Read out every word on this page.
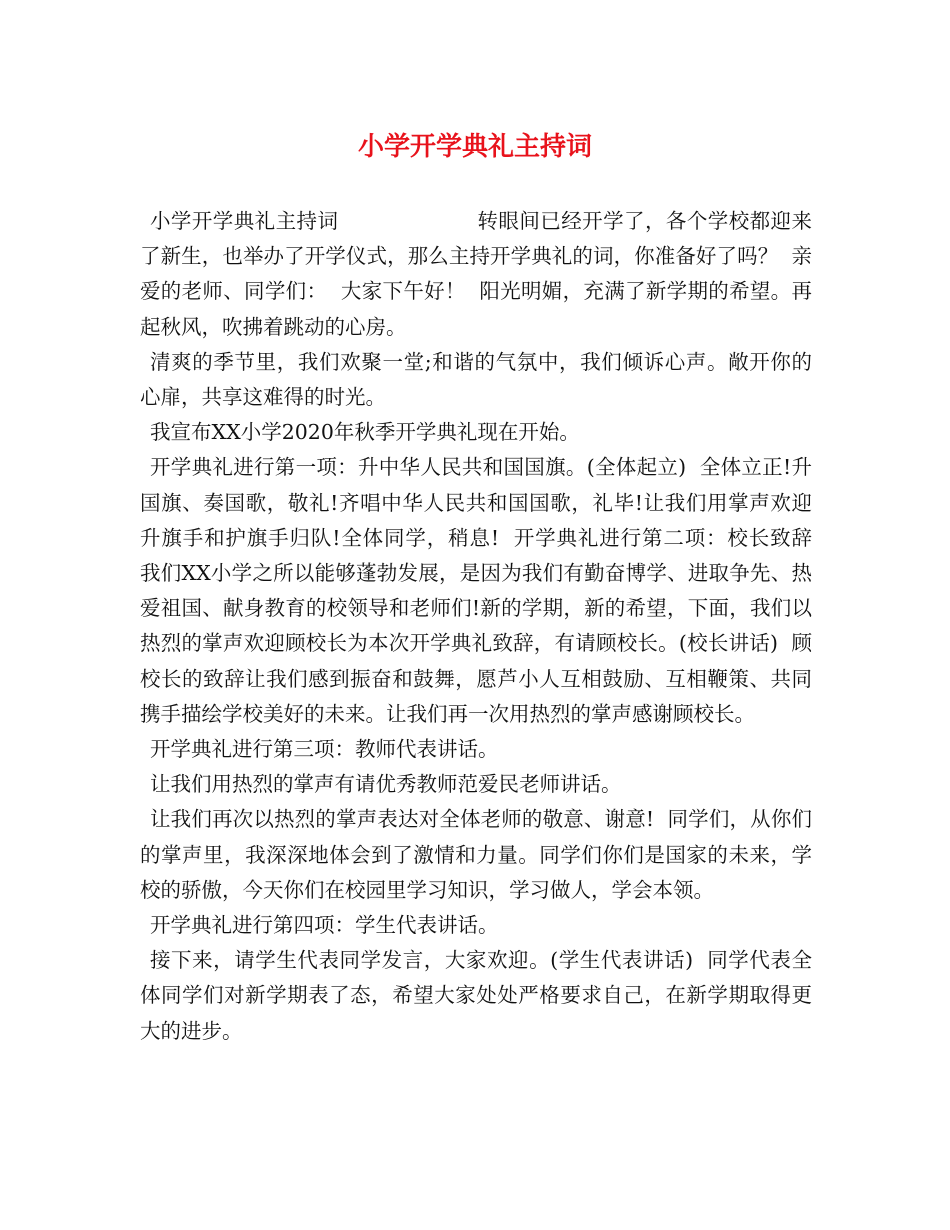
小学开学典礼主持词

小学开学典礼主持词                    转眼间已经开学了，各个学校都迎来了新生，也举办了开学仪式，那么主持开学典礼的词，你准备好了吗？  亲爱的老师、同学们：  大家下午好！  阳光明媚，充满了新学期的希望。再起秋风，吹拂着跳动的心房。

清爽的季节里，我们欢聚一堂;和谐的气氛中，我们倾诉心声。敞开你的心扉，共享这难得的时光。

我宣布XX小学2020年秋季开学典礼现在开始。

开学典礼进行第一项：升中华人民共和国国旗。(全体起立)  全体立正!升国旗、奏国歌，敬礼!齐唱中华人民共和国国歌，礼毕!让我们用掌声欢迎升旗手和护旗手归队!全体同学，稍息!  开学典礼进行第二项：校长致辞  我们XX小学之所以能够蓬勃发展，是因为我们有勤奋博学、进取争先、热爱祖国、献身教育的校领导和老师们!新的学期，新的希望，下面，我们以热烈的掌声欢迎顾校长为本次开学典礼致辞，有请顾校长。(校长讲话)  顾校长的致辞让我们感到振奋和鼓舞，愿芦小人互相鼓励、互相鞭策、共同携手描绘学校美好的未来。让我们再一次用热烈的掌声感谢顾校长。

开学典礼进行第三项：教师代表讲话。

让我们用热烈的掌声有请优秀教师范爱民老师讲话。

让我们再次以热烈的掌声表达对全体老师的敬意、谢意!  同学们，从你们的掌声里，我深深地体会到了激情和力量。同学们你们是国家的未来，学校的骄傲，今天你们在校园里学习知识，学习做人，学会本领。

开学典礼进行第四项：学生代表讲话。

接下来，请学生代表同学发言，大家欢迎。(学生代表讲话)  同学代表全体同学们对新学期表了态，希望大家处处严格要求自己，在新学期取得更大的进步。
